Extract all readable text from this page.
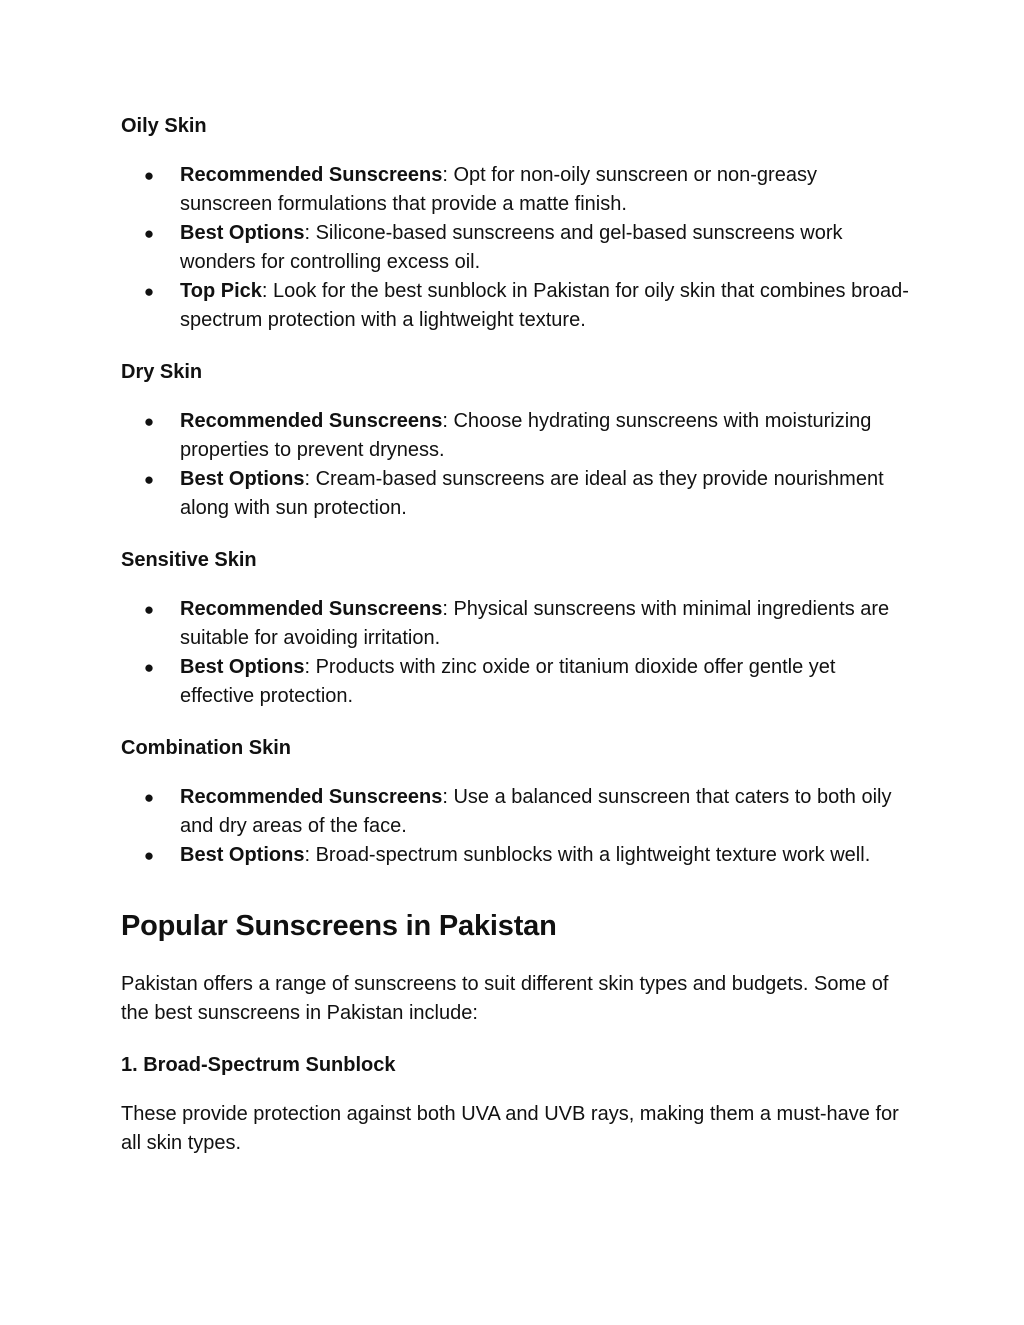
Oily Skin
● Recommended Sunscreens: Opt for non-oily sunscreen or non-greasy sunscreen formulations that provide a matte finish.
● Best Options: Silicone-based sunscreens and gel-based sunscreens work wonders for controlling excess oil.
● Top Pick: Look for the best sunblock in Pakistan for oily skin that combines broad-spectrum protection with a lightweight texture.
Dry Skin
● Recommended Sunscreens: Choose hydrating sunscreens with moisturizing properties to prevent dryness.
● Best Options: Cream-based sunscreens are ideal as they provide nourishment along with sun protection.
Sensitive Skin
● Recommended Sunscreens: Physical sunscreens with minimal ingredients are suitable for avoiding irritation.
● Best Options: Products with zinc oxide or titanium dioxide offer gentle yet effective protection.
Combination Skin
● Recommended Sunscreens: Use a balanced sunscreen that caters to both oily and dry areas of the face.
● Best Options: Broad-spectrum sunblocks with a lightweight texture work well.
Popular Sunscreens in Pakistan

Pakistan offers a range of sunscreens to suit different skin types and budgets. Some of the best sunscreens in Pakistan include:

1. Broad-Spectrum Sunblock

These provide protection against both UVA and UVB rays, making them a must-have for all skin types.
